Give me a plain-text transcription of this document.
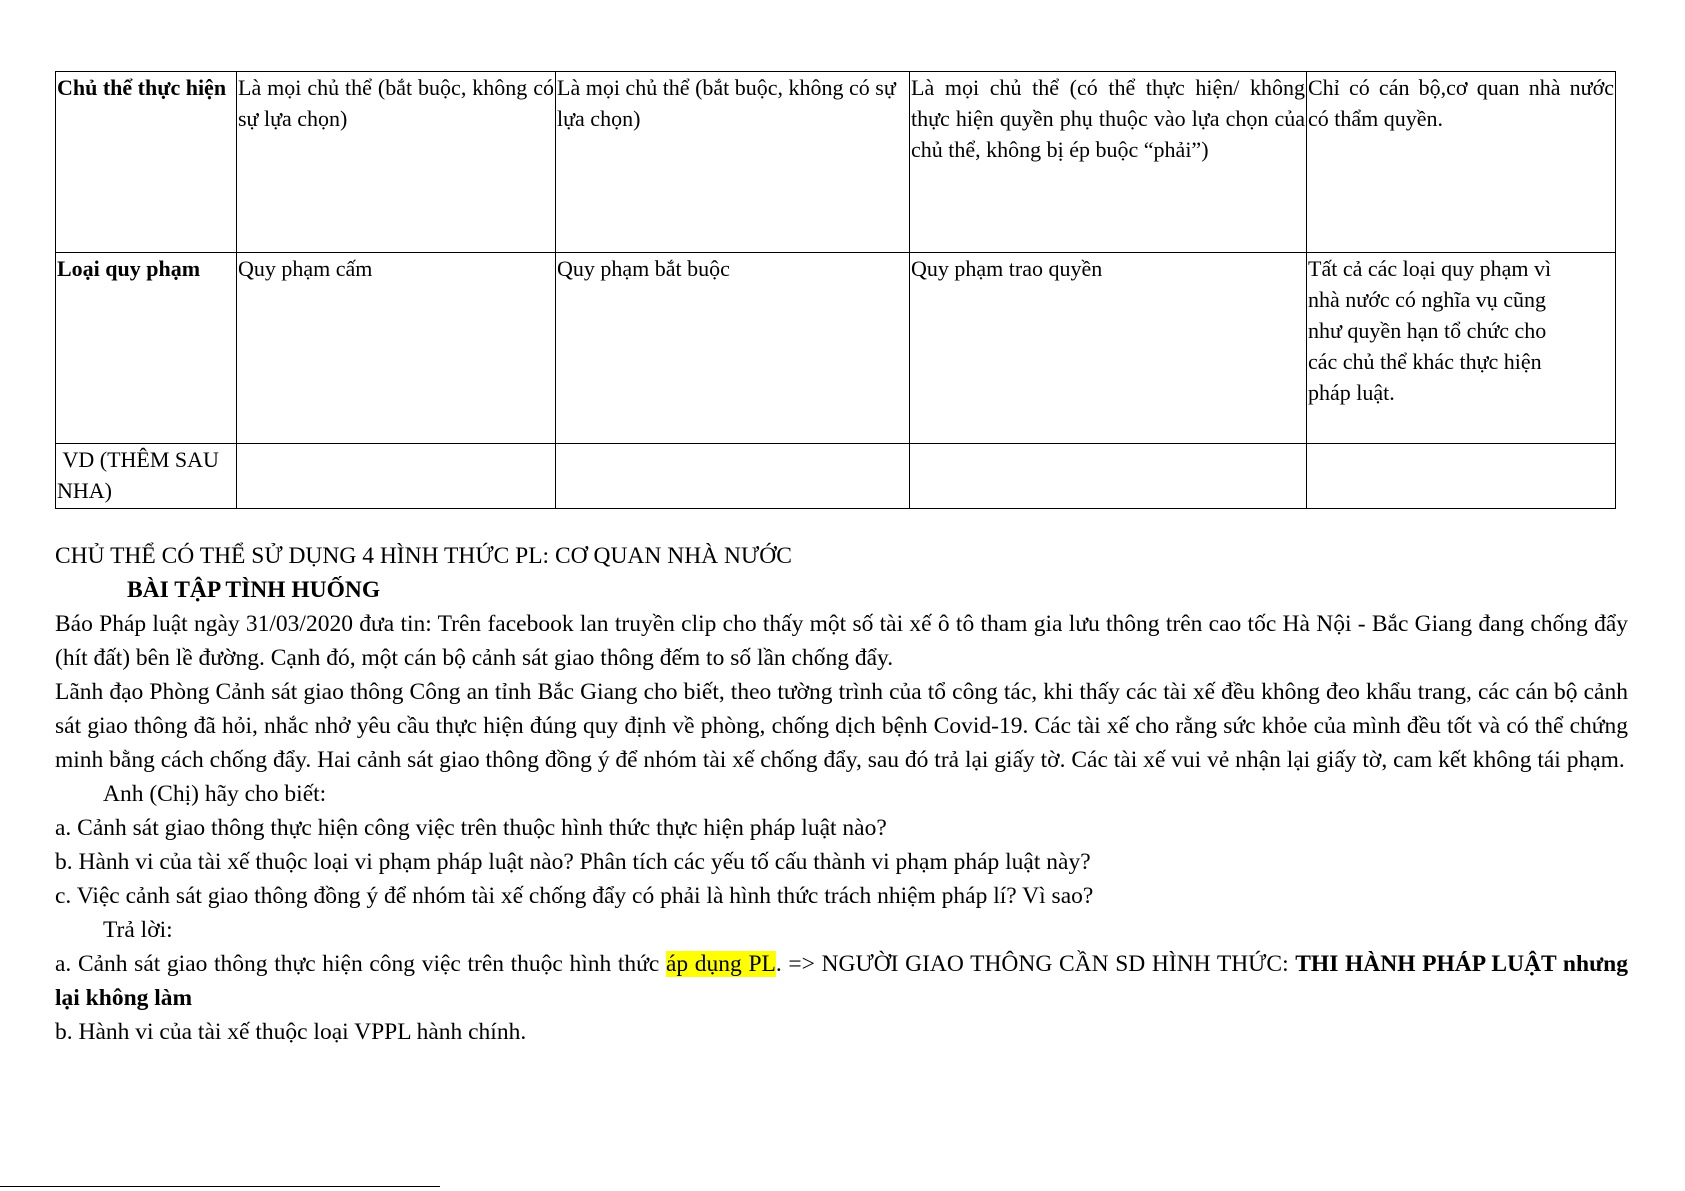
Chủ thể thực hiện	Là mọi chủ thể (bắt buộc, không có sự lựa chọn)	Là mọi chủ thể (bắt buộc, không có sự lựa chọn)	Là mọi chủ thể (có thể thực hiện/ không thực hiện quyền phụ thuộc vào lựa chọn của chủ thể, không bị ép buộc “phải”)	Chỉ có cán bộ,cơ quan nhà nước có thẩm quyền.
Loại quy phạm	Quy phạm cấm	Quy phạm bắt buộc	Quy phạm trao quyền	Tất cả các loại quy phạm vì nhà nước có nghĩa vụ cũng như quyền hạn tổ chức cho các chủ thể khác thực hiện pháp luật.
VD (THÊM SAU NHA)				

CHỦ THỂ CÓ THỂ SỬ DỤNG 4 HÌNH THỨC PL: CƠ QUAN NHÀ NƯỚC

BÀI TẬP TÌNH HUỐNG

Báo Pháp luật ngày 31/03/2020 đưa tin: Trên facebook lan truyền clip cho thấy một số tài xế ô tô tham gia lưu thông trên cao tốc Hà Nội - Bắc Giang đang chống đẩy (hít đất) bên lề đường. Cạnh đó, một cán bộ cảnh sát giao thông đếm to số lần chống đẩy.

Lãnh đạo Phòng Cảnh sát giao thông Công an tỉnh Bắc Giang cho biết, theo tường trình của tổ công tác, khi thấy các tài xế đều không đeo khẩu trang, các cán bộ cảnh sát giao thông đã hỏi, nhắc nhở yêu cầu thực hiện đúng quy định về phòng, chống dịch bệnh Covid-19. Các tài xế cho rằng sức khỏe của mình đều tốt và có thể chứng minh bằng cách chống đẩy. Hai cảnh sát giao thông đồng ý để nhóm tài xế chống đẩy, sau đó trả lại giấy tờ. Các tài xế vui vẻ nhận lại giấy tờ, cam kết không tái phạm.

Anh (Chị) hãy cho biết:

a. Cảnh sát giao thông thực hiện công việc trên thuộc hình thức thực hiện pháp luật nào?

b. Hành vi của tài xế thuộc loại vi phạm pháp luật nào? Phân tích các yếu tố cấu thành vi phạm pháp luật này?

c. Việc cảnh sát giao thông đồng ý để nhóm tài xế chống đẩy có phải là hình thức trách nhiệm pháp lí? Vì sao?

Trả lời:

a. Cảnh sát giao thông thực hiện công việc trên thuộc hình thức áp dụng PL. => NGƯỜI GIAO THÔNG CẦN SD HÌNH THỨC: THI HÀNH PHÁP LUẬT nhưng lại không làm

b. Hành vi của tài xế thuộc loại VPPL hành chính.
